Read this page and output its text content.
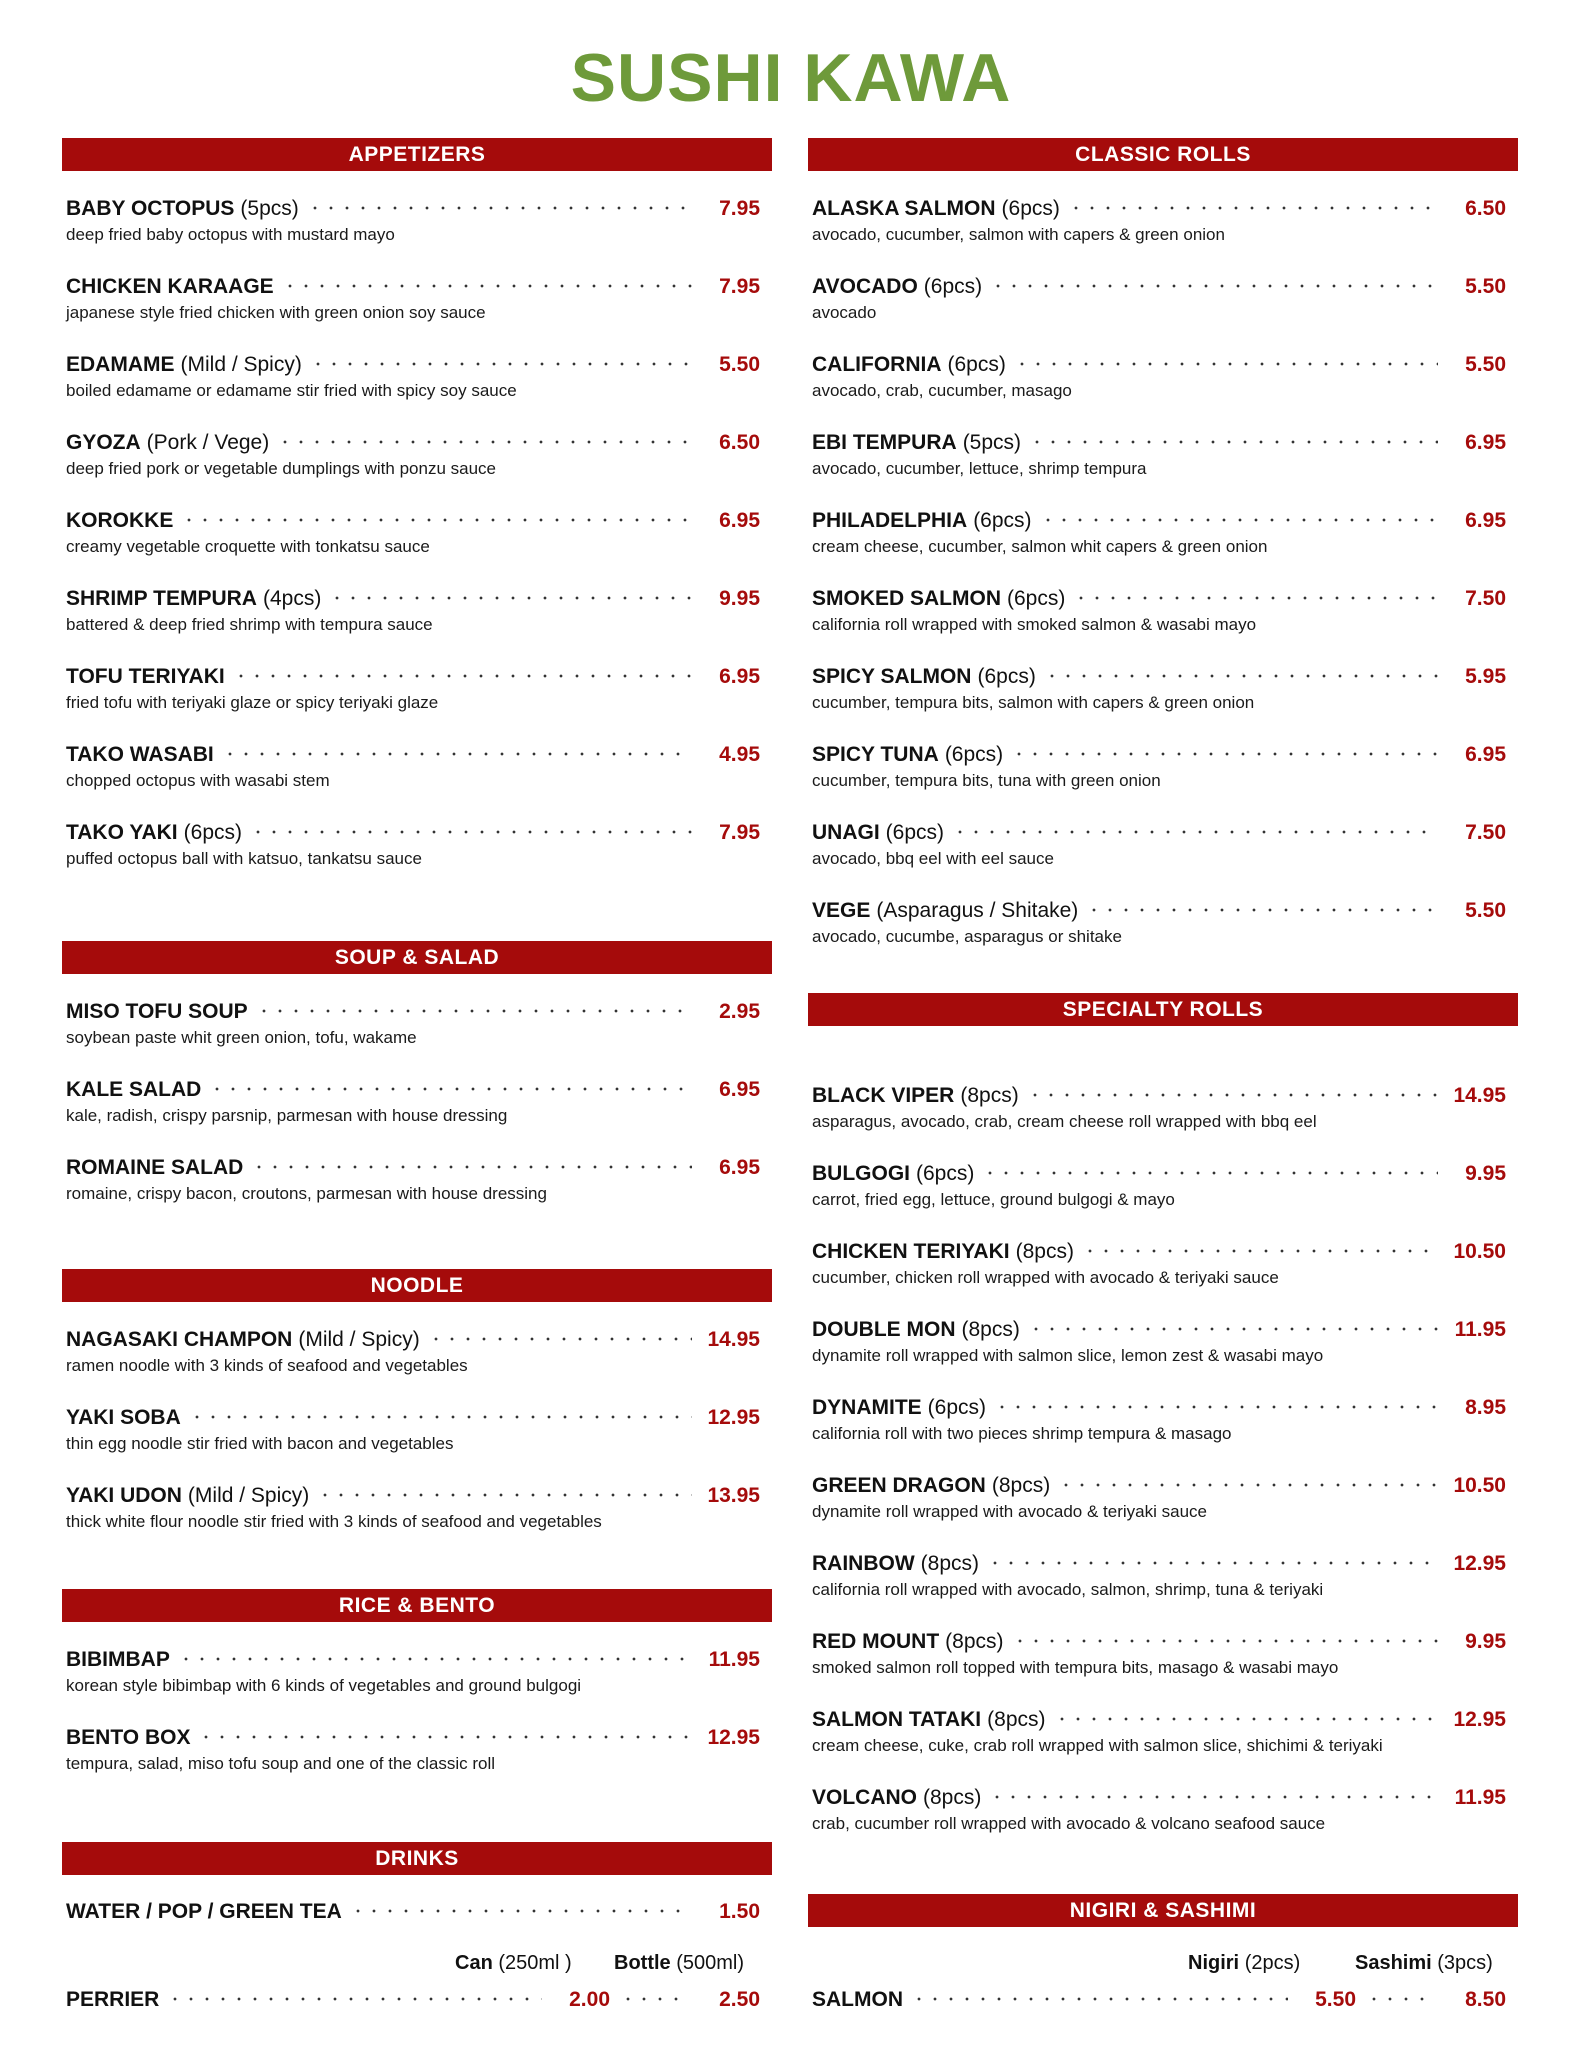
SUSHI KAWA
APPETIZERS
BABY OCTOPUS (5pcs)	7.95
deep fried baby octopus with mustard mayo
CHICKEN KARAAGE	7.95
japanese style fried chicken with green onion soy sauce
EDAMAME (Mild / Spicy)	5.50
boiled edamame or edamame stir fried with spicy soy sauce
GYOZA (Pork / Vege)	6.50
deep fried pork or vegetable dumplings with ponzu sauce
KOROKKE	6.95
creamy vegetable croquette with tonkatsu sauce
SHRIMP TEMPURA (4pcs)	9.95
battered & deep fried shrimp with tempura sauce
TOFU TERIYAKI	6.95
fried tofu with teriyaki glaze or spicy teriyaki glaze
TAKO WASABI	4.95
chopped octopus with wasabi stem
TAKO YAKI (6pcs)	7.95
puffed octopus ball with katsuo, tankatsu sauce
SOUP & SALAD
MISO TOFU SOUP	2.95
soybean paste whit green onion, tofu, wakame
KALE SALAD	6.95
kale, radish, crispy parsnip, parmesan with house dressing
ROMAINE SALAD	6.95
romaine, crispy bacon, croutons, parmesan with house dressing
NOODLE
NAGASAKI CHAMPON (Mild / Spicy)	14.95
ramen noodle with 3 kinds of seafood and vegetables
YAKI SOBA	12.95
thin egg noodle stir fried with bacon and vegetables
YAKI UDON (Mild / Spicy)	13.95
thick white flour noodle stir fried with 3 kinds of seafood and vegetables
RICE & BENTO
BIBIMBAP	11.95
korean style bibimbap with 6 kinds of vegetables and ground bulgogi
BENTO BOX	12.95
tempura, salad, miso tofu soup and one of the classic roll
DRINKS
WATER / POP / GREEN TEA	1.50
Can (250ml ) Bottle (500ml)
PERRIER	2.00	2.50
CLASSIC ROLLS
ALASKA SALMON (6pcs)	6.50
avocado, cucumber, salmon with capers & green onion
AVOCADO (6pcs)	5.50
avocado
CALIFORNIA (6pcs)	5.50
avocado, crab, cucumber, masago
EBI TEMPURA (5pcs)	6.95
avocado, cucumber, lettuce, shrimp tempura
PHILADELPHIA (6pcs)	6.95
cream cheese, cucumber, salmon whit capers & green onion
SMOKED SALMON (6pcs)	7.50
california roll wrapped with smoked salmon & wasabi mayo
SPICY SALMON (6pcs)	5.95
cucumber, tempura bits, salmon with capers & green onion
SPICY TUNA (6pcs)	6.95
cucumber, tempura bits, tuna with green onion
UNAGI (6pcs)	7.50
avocado, bbq eel with eel sauce
VEGE (Asparagus / Shitake)	5.50
avocado, cucumbe, asparagus or shitake
SPECIALTY ROLLS
BLACK VIPER (8pcs)	14.95
asparagus, avocado, crab, cream cheese roll wrapped with bbq eel
BULGOGI (6pcs)	9.95
carrot, fried egg, lettuce, ground bulgogi & mayo
CHICKEN TERIYAKI (8pcs)	10.50
cucumber, chicken roll wrapped with avocado & teriyaki sauce
DOUBLE MON (8pcs)	11.95
dynamite roll wrapped with salmon slice, lemon zest & wasabi mayo
DYNAMITE (6pcs)	8.95
california roll with two pieces shrimp tempura & masago
GREEN DRAGON (8pcs)	10.50
dynamite roll wrapped with avocado & teriyaki sauce
RAINBOW (8pcs)	12.95
california roll wrapped with avocado, salmon, shrimp, tuna & teriyaki
RED MOUNT (8pcs)	9.95
smoked salmon roll topped with tempura bits, masago & wasabi mayo
SALMON TATAKI (8pcs)	12.95
cream cheese, cuke, crab roll wrapped with salmon slice, shichimi & teriyaki
VOLCANO (8pcs)	11.95
crab, cucumber roll wrapped with avocado & volcano seafood sauce
NIGIRI & SASHIMI
Nigiri (2pcs)	Sashimi (3pcs)
SALMON	5.50	8.50
